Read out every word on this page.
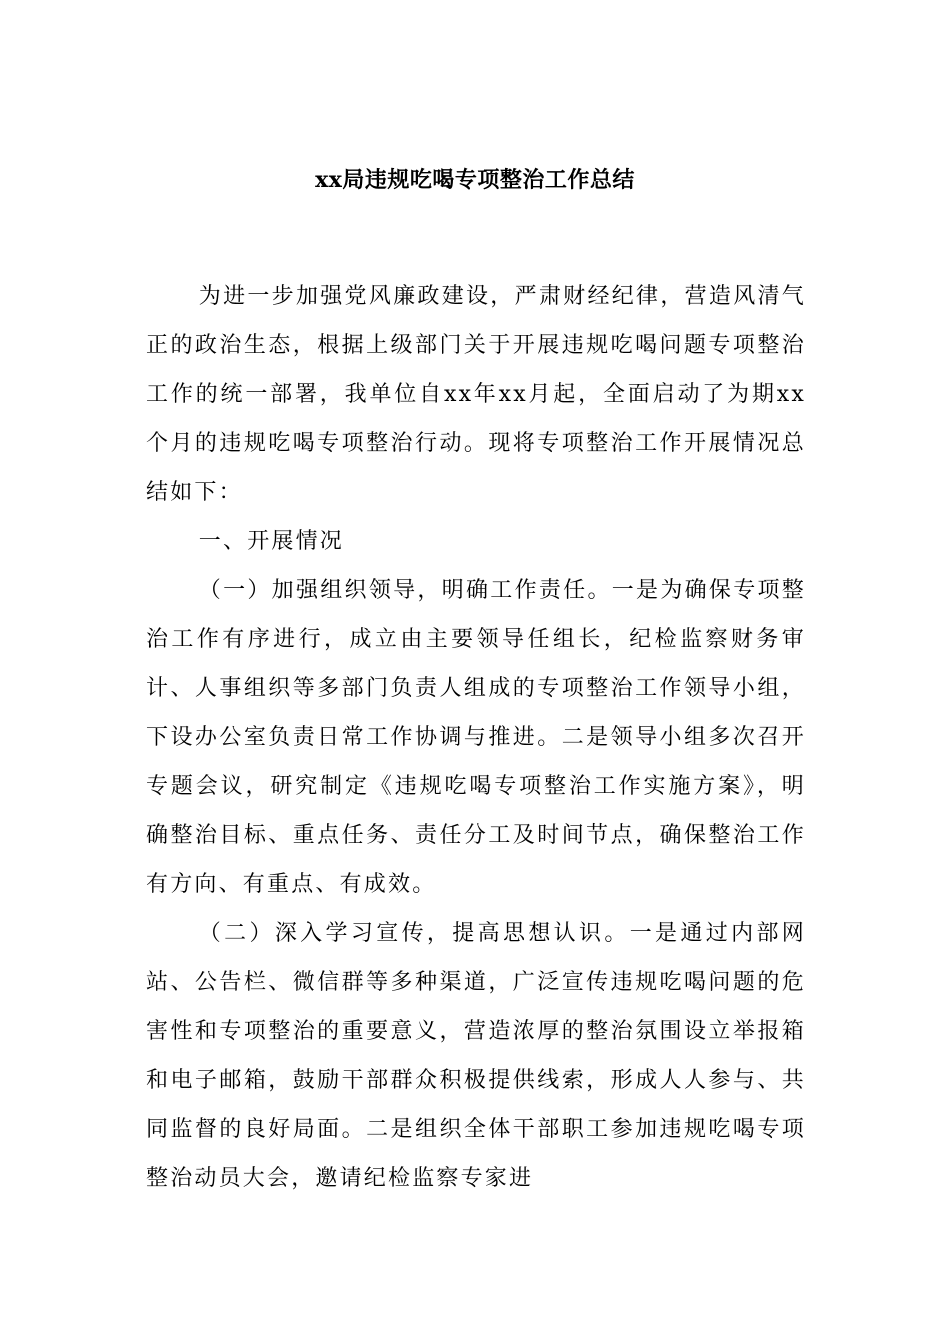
xx局违规吃喝专项整治工作总结

为进一步加强党风廉政建设，严肃财经纪律，营造风清气正的政治生态，根据上级部门关于开展违规吃喝问题专项整治工作的统一部署，我单位自xx年xx月起，全面启动了为期xx个月的违规吃喝专项整治行动。现将专项整治工作开展情况总结如下：

一、开展情况

（一）加强组织领导，明确工作责任。一是为确保专项整治工作有序进行，成立由主要领导任组长，纪检监察财务审计、人事组织等多部门负责人组成的专项整治工作领导小组，下设办公室负责日常工作协调与推进。二是领导小组多次召开专题会议，研究制定《违规吃喝专项整治工作实施方案》，明确整治目标、重点任务、责任分工及时间节点，确保整治工作有方向、有重点、有成效。

（二）深入学习宣传，提高思想认识。一是通过内部网站、公告栏、微信群等多种渠道，广泛宣传违规吃喝问题的危害性和专项整治的重要意义，营造浓厚的整治氛围设立举报箱和电子邮箱，鼓励干部群众积极提供线索，形成人人参与、共同监督的良好局面。二是组织全体干部职工参加违规吃喝专项整治动员大会，邀请纪检监察专家进
